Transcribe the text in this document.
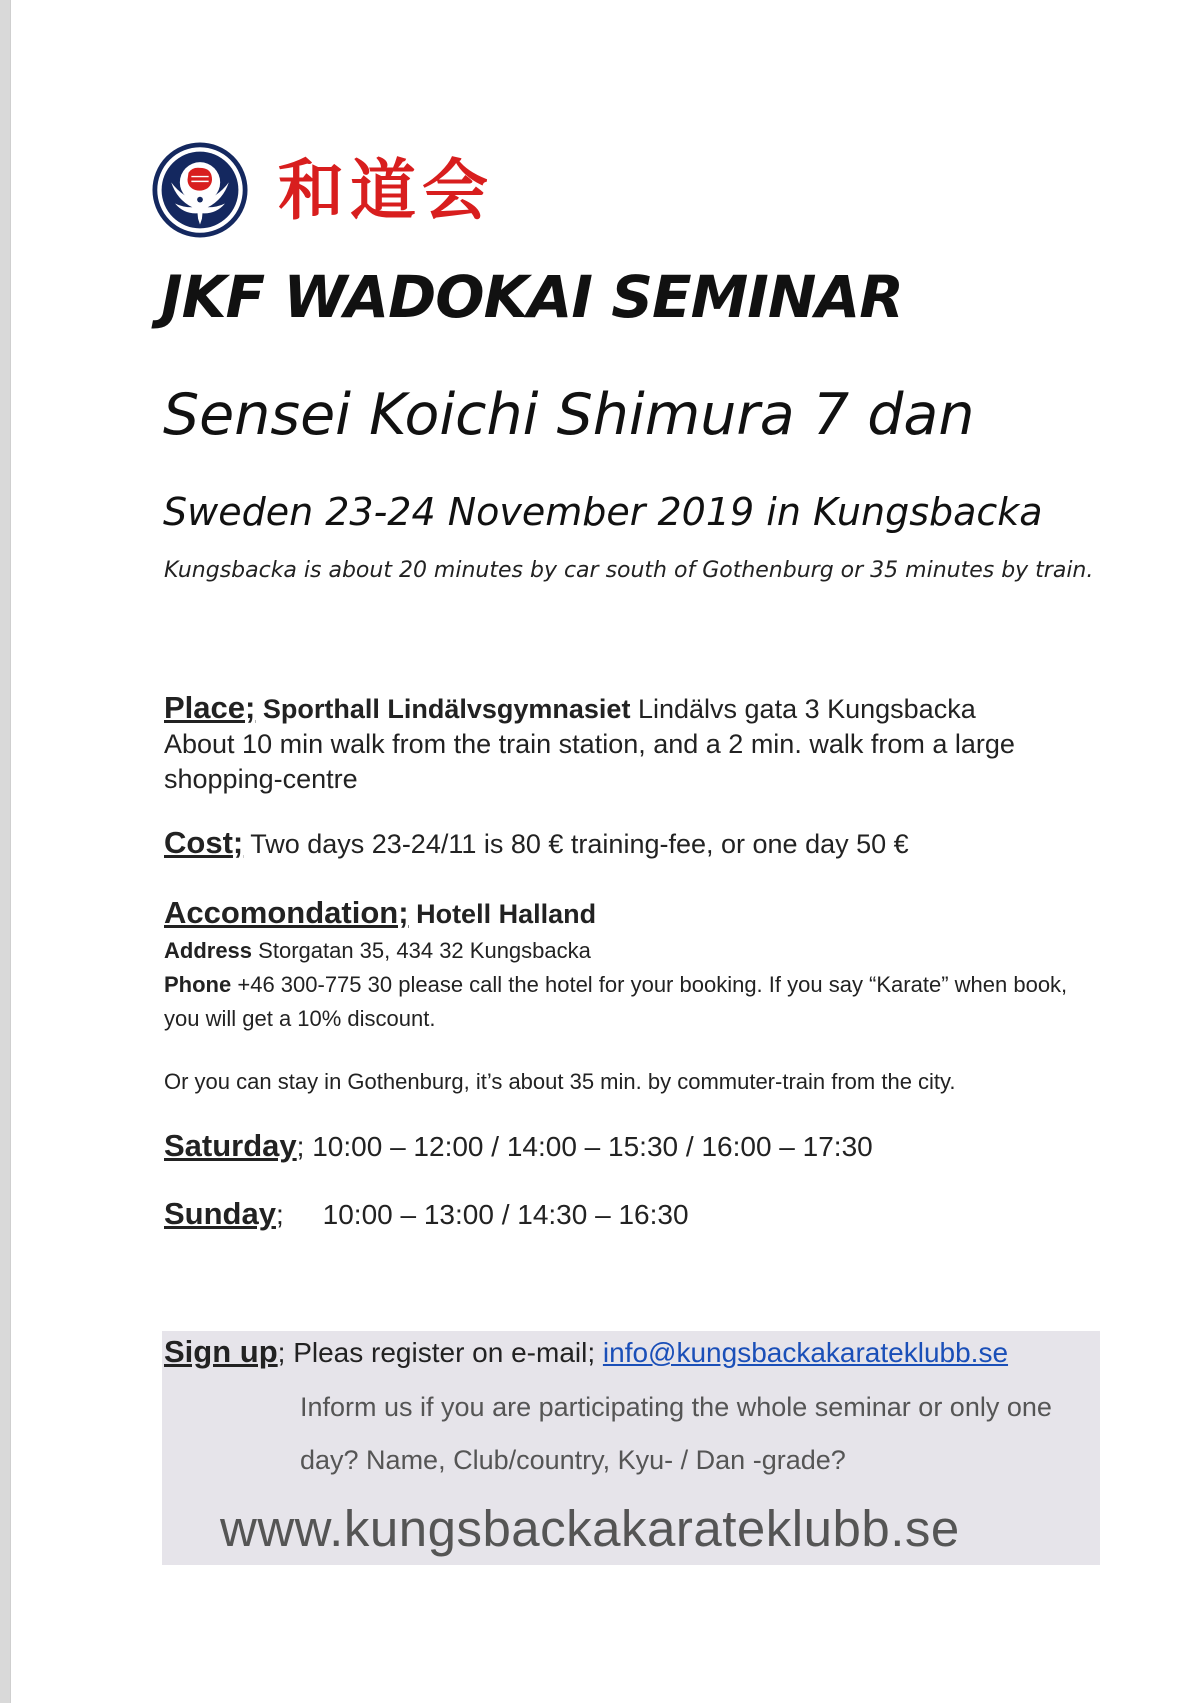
和道会
JKF WADOKAI SEMINAR
Sensei Koichi Shimura 7 dan
Sweden 23-24 November 2019 in Kungsbacka
Kungsbacka is about 20 minutes by car south of Gothenburg or 35 minutes by train.
Place; Sporthall Lindälvsgymnasiet Lindälvs gata 3 Kungsbacka
About 10 min walk from the train station, and a 2 min. walk from a large shopping-centre
Cost; Two days 23-24/11 is 80 € training-fee, or one day 50 €
Accomondation; Hotell Halland
Address Storgatan 35, 434 32 Kungsbacka
Phone +46 300-775 30 please call the hotel for your booking. If you say “Karate” when book, you will get a 10% discount.
Or you can stay in Gothenburg, it’s about 35 min. by commuter-train from the city.
Saturday; 10:00 – 12:00 / 14:00 – 15:30 / 16:00 – 17:30
Sunday;     10:00 – 13:00 / 14:30 – 16:30
Sign up; Pleas register on e-mail; info@kungsbackakarateklubb.se
Inform us if you are participating the whole seminar or only one day? Name, Club/country, Kyu- / Dan -grade?
www.kungsbackakarateklubb.se
